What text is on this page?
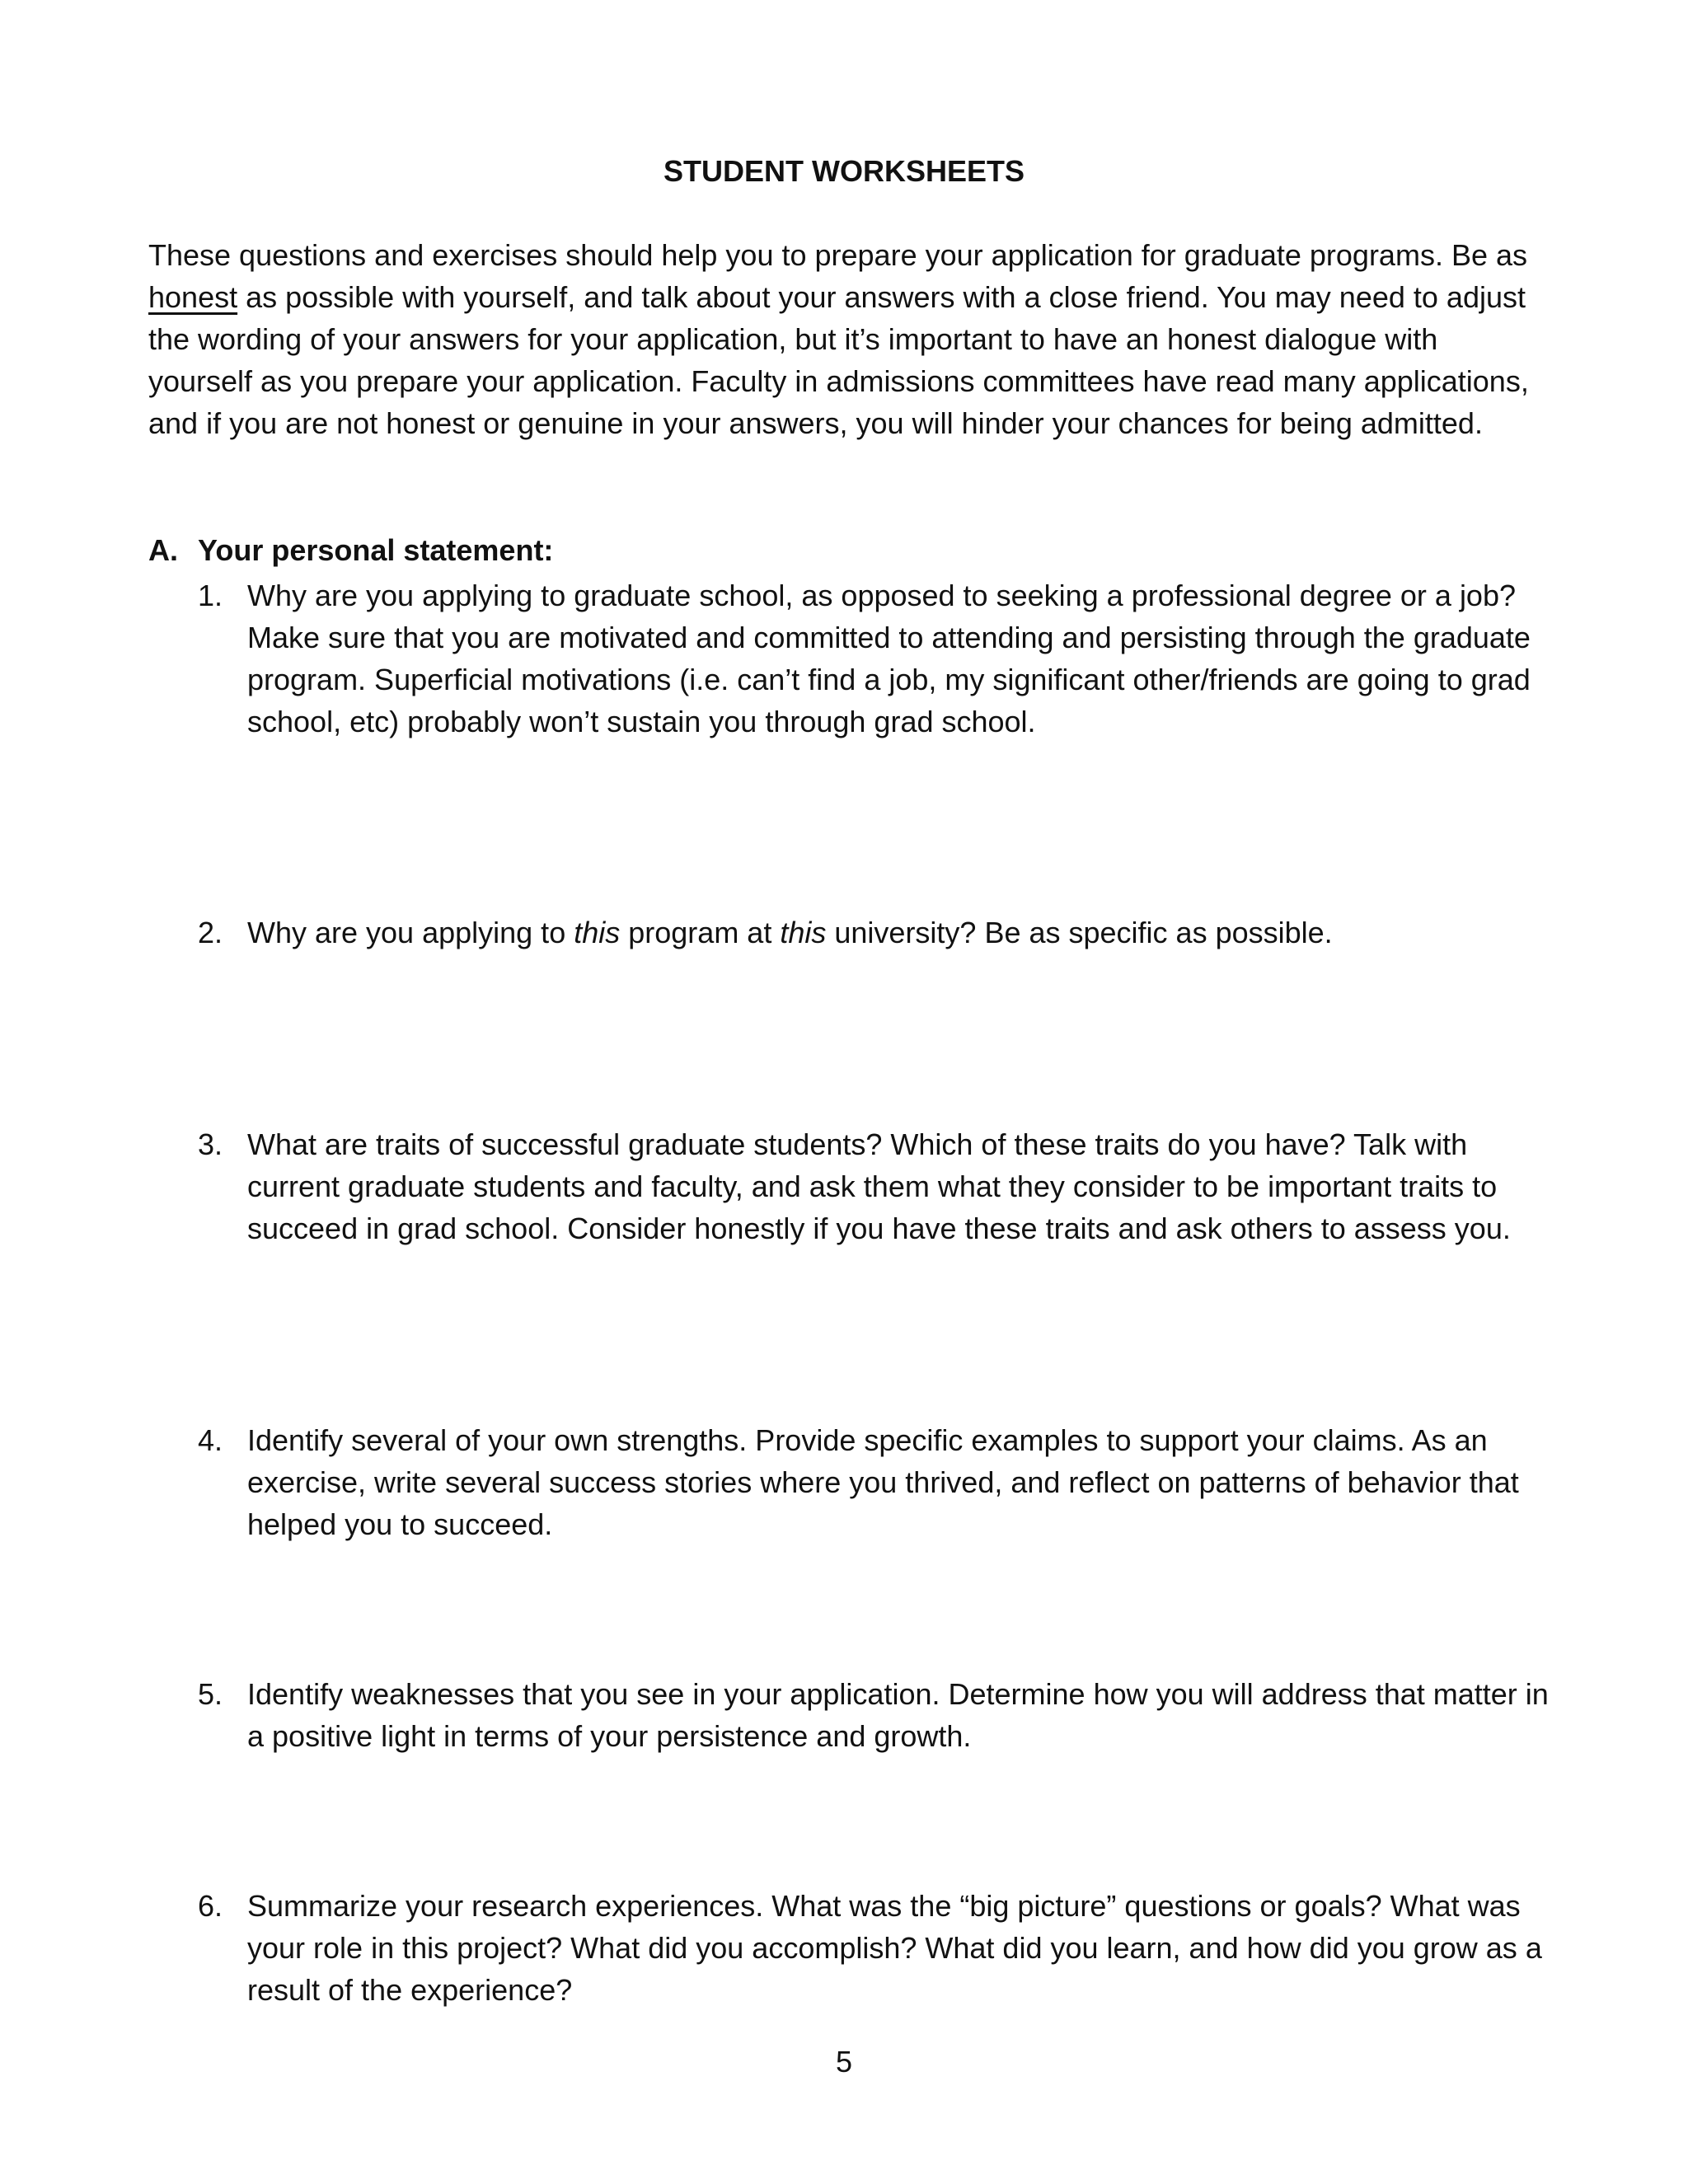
STUDENT WORKSHEETS

These questions and exercises should help you to prepare your application for graduate programs. Be as honest as possible with yourself, and talk about your answers with a close friend. You may need to adjust the wording of your answers for your application, but it’s important to have an honest dialogue with yourself as you prepare your application. Faculty in admissions committees have read many applications, and if you are not honest or genuine in your answers, you will hinder your chances for being admitted.

A. Your personal statement:
1. Why are you applying to graduate school, as opposed to seeking a professional degree or a job? Make sure that you are motivated and committed to attending and persisting through the graduate program. Superficial motivations (i.e. can’t find a job, my significant other/friends are going to grad school, etc) probably won’t sustain you through grad school.
2. Why are you applying to this program at this university? Be as specific as possible.
3. What are traits of successful graduate students? Which of these traits do you have? Talk with current graduate students and faculty, and ask them what they consider to be important traits to succeed in grad school. Consider honestly if you have these traits and ask others to assess you.
4. Identify several of your own strengths. Provide specific examples to support your claims. As an exercise, write several success stories where you thrived, and reflect on patterns of behavior that helped you to succeed.
5. Identify weaknesses that you see in your application. Determine how you will address that matter in a positive light in terms of your persistence and growth.
6. Summarize your research experiences. What was the “big picture” questions or goals? What was your role in this project? What did you accomplish? What did you learn, and how did you grow as a result of the experience?
5
